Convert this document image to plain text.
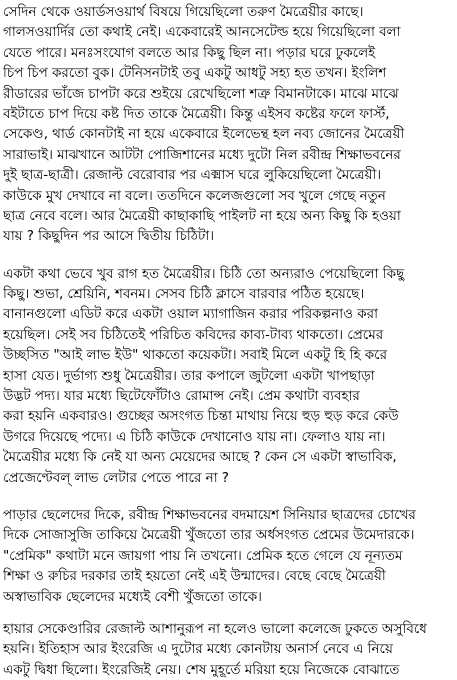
সেদিন থেকে ওয়ার্ডসওয়ার্থ বিষয়ে গিয়েছিলো তরুণ মৈত্রেয়ীর কাছে।
গালসওয়ার্দির তো কথাই নেই। একেবারেই আনসেটেল্ড হয়ে গিয়েছিলো বলা
যেতে পারে। মনঃসংযোগ বলতে আর কিছু ছিল না। পড়ার ঘরে ঢুকলেই
চিপ চিপ করতো বুক। টেনিসনটাই তবু একটু আধটু সহ্য হত তখন। ইংলিশ
রীডারের ভাঁজে চাপটা করে শুইয়ে রেখেছিলো শত্রু বিমানটাকে। মাঝে মাঝে
বইটাতে চাপ দিয়ে কষ্ট দিত তাকে মৈত্রেয়ী। কিন্তু এইসব কষ্টের ফলে ফার্স্ট,
সেকেণ্ড, থার্ড কোনটাই না হয়ে একেবারে ইলেভেন্থ হল নব্য জোনের মৈত্রেয়ী
সারাভাই। মাঝখানে আটটা পোজিশানের মধ্যে দুটো নিল রবীন্দ্র শিক্ষাভবনের
দুই ছাত্র-ছাত্রী। রেজাল্ট বেরোবার পর এক্মাস ঘরে লুকিয়েছিলো মৈত্রেয়ী।
কাউকে মুখ দেখাবে না বলে। ততদিনে কলেজগুলো সব খুলে গেছে নতুন
ছাত্র নেবে বলে। আর মৈত্রেয়ী কাছাকাছি পাইলট না হয়ে অন্য কিছু কি হওয়া
যায় ? কিছুদিন পর আসে দ্বিতীয় চিঠিটা।

একটা কথা ভেবে খুব রাগ হত মৈত্রেয়ীর। চিঠি তো অন্যরাও পেয়েছিলো কিছু
কিছু। শুভা, শ্রেয়িনি, শবনম। সেসব চিঠি ক্লাসে বারবার পঠিত হয়েছে।
বানানগুলো এডিট করে একটা ওয়াল ম্যাগাজিন করার পরিকল্পনাও করা
হয়েছিল। সেই সব চিঠিতেই পরিচিত কবিদের কাব্য-টাব্য থাকতো। প্রেমের
উচ্ছসিত "আই লাভ ইউ" থাকতো কয়েকটা। সবাই মিলে একটু হি হি করে
হাসা যেত। দুর্ভাগ্য শুধু মৈত্রেয়ীর। তার কপালে জুটলো একটা খাপছাড়া
উদ্ভট পদ্য। যার মধ্যে ছিটেফোঁটাও রোমান্স নেই। প্রেম কথাটা ব্যবহার
করা হয়নি একবারও। গুচ্ছের অসংগত চিন্তা মাথায় নিয়ে হুড় হুড় করে কেউ
উগরে দিয়েছে পদ্যে। এ চিঠি কাউকে দেখানোও যায় না। ফেলাও যায় না।
মৈত্রেয়ীর মধ্যে কি নেই যা অন্য মেয়েদের আছে ? কেন সে একটা স্বাভাবিক,
প্রেজেণ্টেবল্ লাভ লেটার পেতে পারে না ?

পাড়ার ছেলেদের দিকে, রবীন্দ্র শিক্ষাভবনের বদমায়েশ সিনিয়ার ছাত্রদের চোখের
দিকে সোজাসুজি তাকিয়ে মৈত্রেয়ী খুঁজতো তার অর্ধসংগত প্রেমের উমেদারকে।
"প্রেমিক" কথাটা মনে জায়গা পায় নি তখনো। প্রেমিক হতে গেলে যে নূন্যতম
শিক্ষা ও রুচির দরকার তাই হয়তো নেই এই উন্মাদের। বেছে বেছে মৈত্রেয়ী
অস্বাভাবিক ছেলেদের মধ্যেই বেশী খুঁজতো তাকে।

হায়ার সেকেণ্ডারির রেজাল্ট আশানুরূপ না হলেও ভালো কলেজে ঢুকতে অসুবিধে
হয়নি। ইতিহাস আর ইংরেজি এ দুটোর মধ্যে কোনটায় অনার্স নেবে এ নিয়ে
একটু দ্বিধা ছিলো। ইংরেজিই নেয়। শেষ মুহূর্তে মরিয়া হয়ে নিজেকে বোঝাতে
